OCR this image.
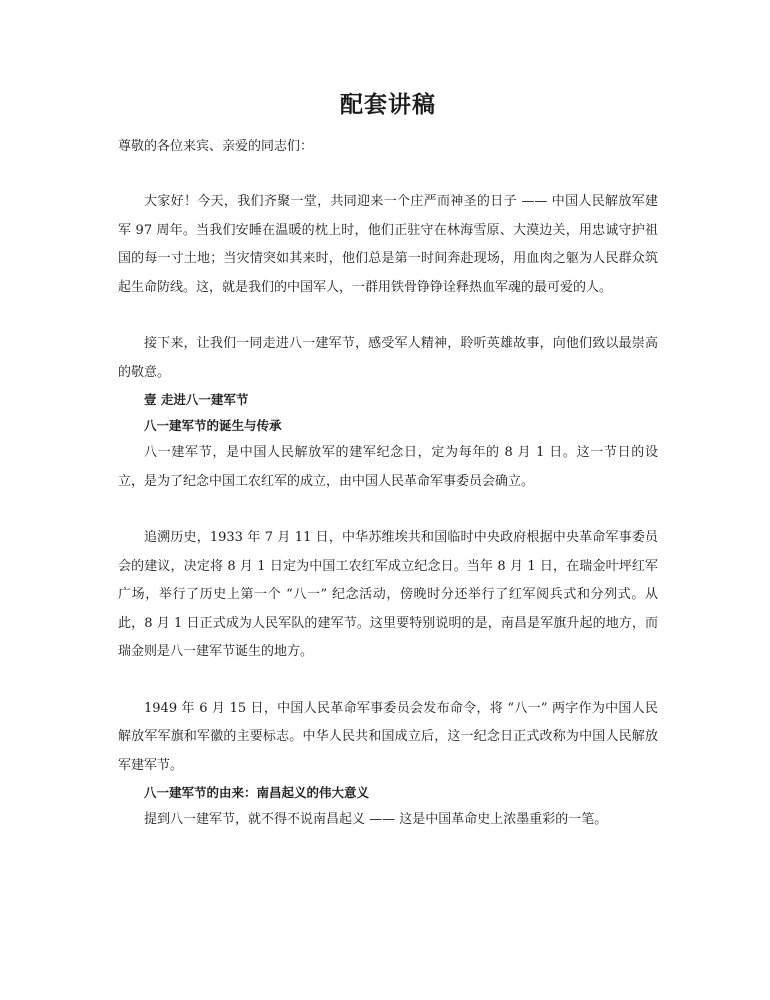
配套讲稿

尊敬的各位来宾、亲爱的同志们：

大家好！今天，我们齐聚一堂，共同迎来一个庄严而神圣的日子 —— 中国人民解放军建军 97 周年。当我们安睡在温暖的枕上时，他们正驻守在林海雪原、大漠边关，用忠诚守护祖国的每一寸土地；当灾情突如其来时，他们总是第一时间奔赴现场，用血肉之躯为人民群众筑起生命防线。这，就是我们的中国军人，一群用铁骨铮铮诠释热血军魂的最可爱的人。

接下来，让我们一同走进八一建军节，感受军人精神，聆听英雄故事，向他们致以最崇高的敬意。

壹 走进八一建军节

八一建军节的诞生与传承

八一建军节，是中国人民解放军的建军纪念日，定为每年的 8 月 1 日。这一节日的设立，是为了纪念中国工农红军的成立，由中国人民革命军事委员会确立。

追溯历史，1933 年 7 月 11 日，中华苏维埃共和国临时中央政府根据中央革命军事委员会的建议，决定将 8 月 1 日定为中国工农红军成立纪念日。当年 8 月 1 日，在瑞金叶坪红军广场，举行了历史上第一个 “八一” 纪念活动，傍晚时分还举行了红军阅兵式和分列式。从此，8 月 1 日正式成为人民军队的建军节。这里要特别说明的是，南昌是军旗升起的地方，而瑞金则是八一建军节诞生的地方。

1949 年 6 月 15 日，中国人民革命军事委员会发布命令，将 “八一” 两字作为中国人民解放军军旗和军徽的主要标志。中华人民共和国成立后，这一纪念日正式改称为中国人民解放军建军节。

八一建军节的由来：南昌起义的伟大意义

提到八一建军节，就不得不说南昌起义 —— 这是中国革命史上浓墨重彩的一笔。
